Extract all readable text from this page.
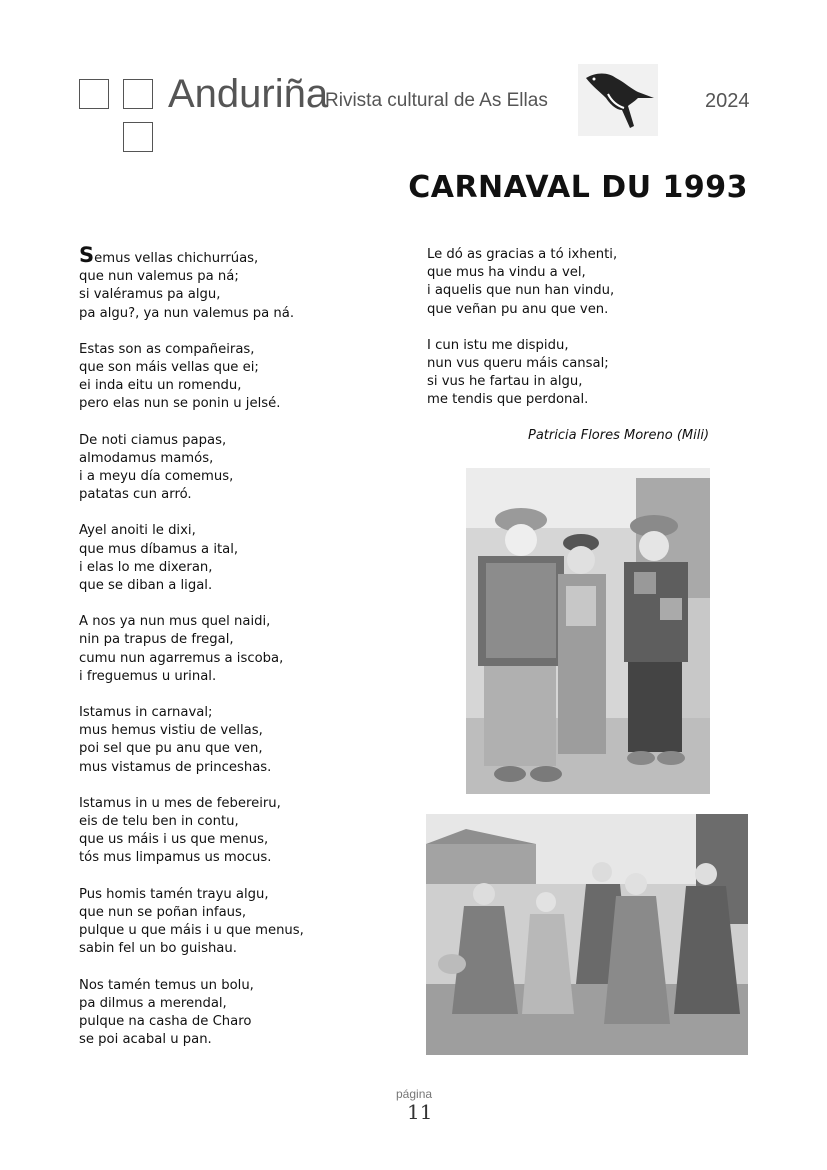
Anduriña
Rivista cultural de As Ellas	2024
CARNAVAL DU 1993
Semus vellas chichurrúas,
que nun valemus pa ná;
si valéramus pa algu,
pa algu?, ya nun valemus pa ná.
Estas son as compañeiras,
que son máis vellas que ei;
ei inda eitu un romendu,
pero elas nun se ponin u jelsé.
De noti ciamus papas,
almodamus mamós,
i a meyu día comemus,
patatas cun arró.
Ayel anoiti le dixi,
que mus díbamus a ital,
i elas lo me dixeran,
que se diban a ligal.
A nos ya nun mus quel naidi,
nin pa trapus de fregal,
cumu nun agarremus a iscoba,
i freguemus u urinal.
Istamus in carnaval;
mus hemus vistiu de vellas,
poi sel que pu anu que ven,
mus vistamus de princeshas.
Istamus in u mes de febereiru,
eis de telu ben in contu,
que us máis i us que menus,
tós mus limpamus us mocus.
Pus homis tamén trayu algu,
que nun se poñan infaus,
pulque u que máis i u que menus,
sabin fel un bo guishau.
Nos tamén temus un bolu,
pa dilmus a merendal,
pulque na casha de Charo
se poi acabal u pan.
Le dó as gracias a tó ixhenti,
que mus ha vindu a vel,
i aquelis que nun han vindu,
que veñan pu anu que ven.
I cun istu me dispidu,
nun vus queru máis cansal;
si vus he fartau in algu,
me tendis que perdonal.
Patricia Flores Moreno (Mili)
página
11
